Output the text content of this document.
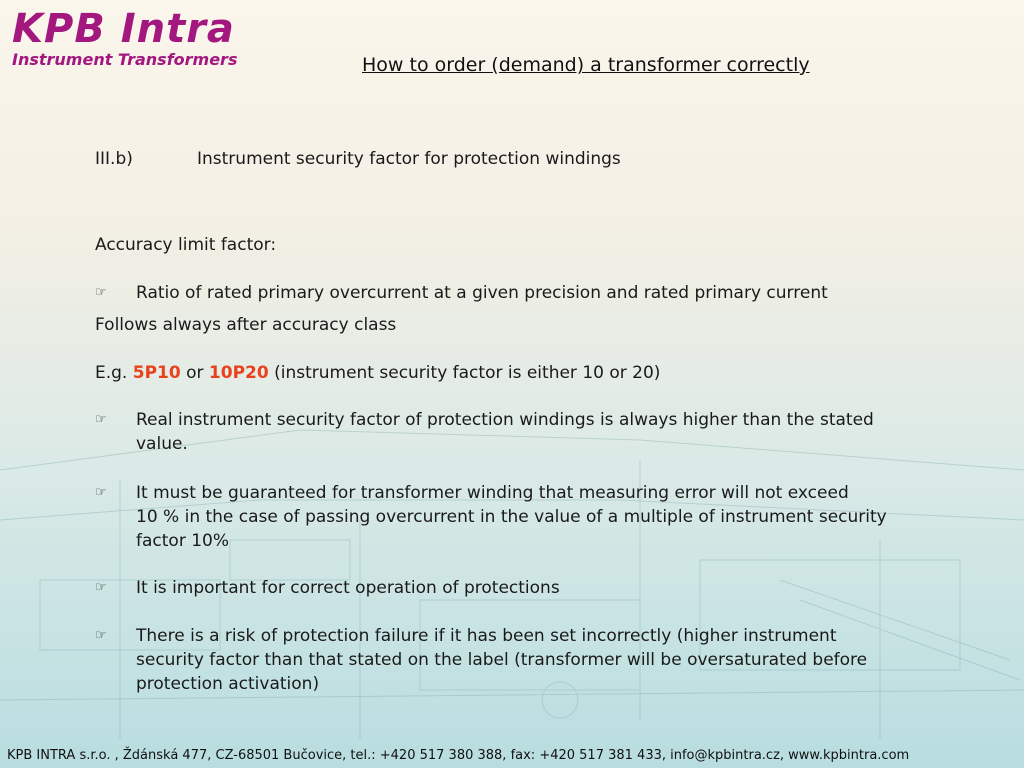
KPB Intra
Instrument Transformers	How to order (demand) a transformer correctly
III.b)	Instrument security factor for protection windings
Accuracy limit factor:
☞ Ratio of rated primary overcurrent at a given precision and rated primary current
Follows always after accuracy class
E.g. 5P10 or 10P20 (instrument security factor is either 10 or 20)
☞ Real instrument security factor of protection windings is always higher than the stated
value.
☞ It must be guaranteed for transformer winding that measuring error will not exceed
10 % in the case of passing overcurrent in the value of a multiple of instrument security
factor 10%
☞ It is important for correct operation of protections
☞ There is a risk of protection failure if it has been set incorrectly (higher instrument
security factor than that stated on the label (transformer will be oversaturated before
protection activation)
KPB INTRA s.r.o. , Ždánská 477, CZ-68501 Bučovice, tel.: +420 517 380 388, fax: +420 517 381 433, info@kpbintra.cz, www.kpbintra.com
